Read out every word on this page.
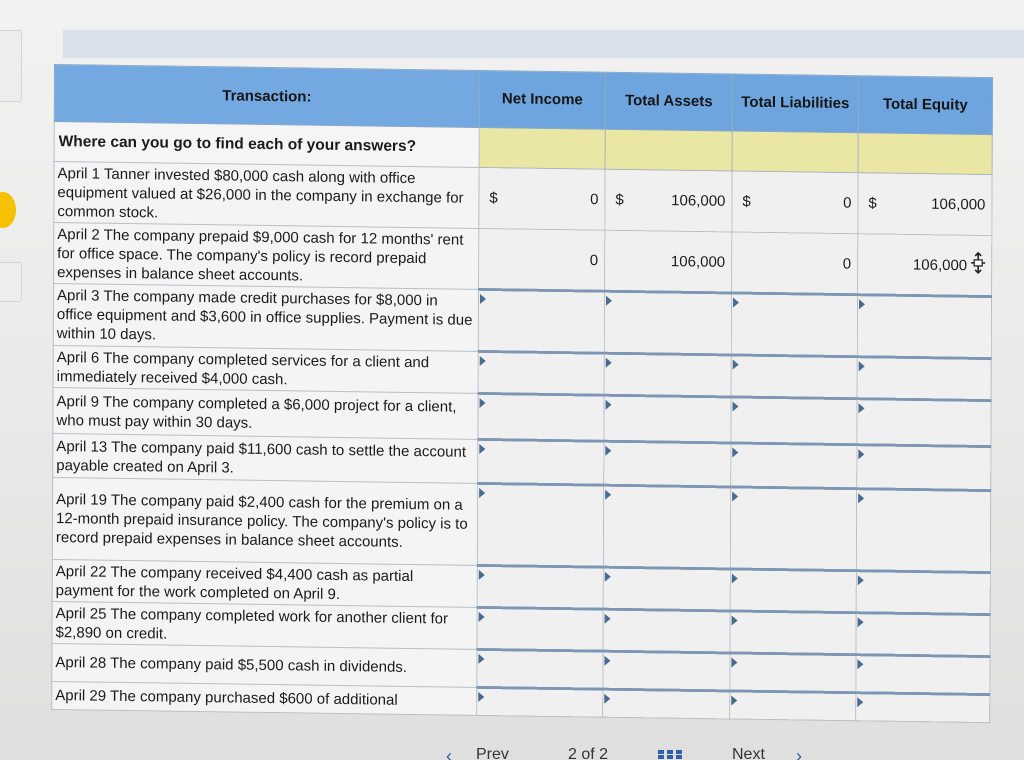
Transaction:	Net Income	Total Assets	Total Liabilities	Total Equity
Where can you go to find each of your answers?				
April 1 Tanner invested $80,000 cash along with office equipment valued at $26,000 in the company in exchange for common stock.	$ 0	$ 106,000	$ 0	$ 106,000

April 2 The company prepaid $9,000 cash for 12 months' rent for office space. The company's policy is record prepaid expenses in balance sheet accounts.	0	106,000	0	106,000

April 3 The company made credit purchases for $8,000 in office equipment and $3,600 in office supplies. Payment is due within 10 days.	

April 6 The company completed services for a client and immediately received $4,000 cash.	

April 9 The company completed a $6,000 project for a client, who must pay within 30 days.	

April 13 The company paid $11,600 cash to settle the account payable created on April 3.	

April 19 The company paid $2,400 cash for the premium on a 12-month prepaid insurance policy. The company's policy is to record prepaid expenses in balance sheet accounts.	

April 22 The company received $4,400 cash as partial payment for the work completed on April 9.	

April 25 The company completed work for another client for $2,890 on credit.	

April 28 The company paid $5,500 cash in dividends.	

April 29 The company purchased $600 of additional	

‹ Prev	2 of 2	Next ›
